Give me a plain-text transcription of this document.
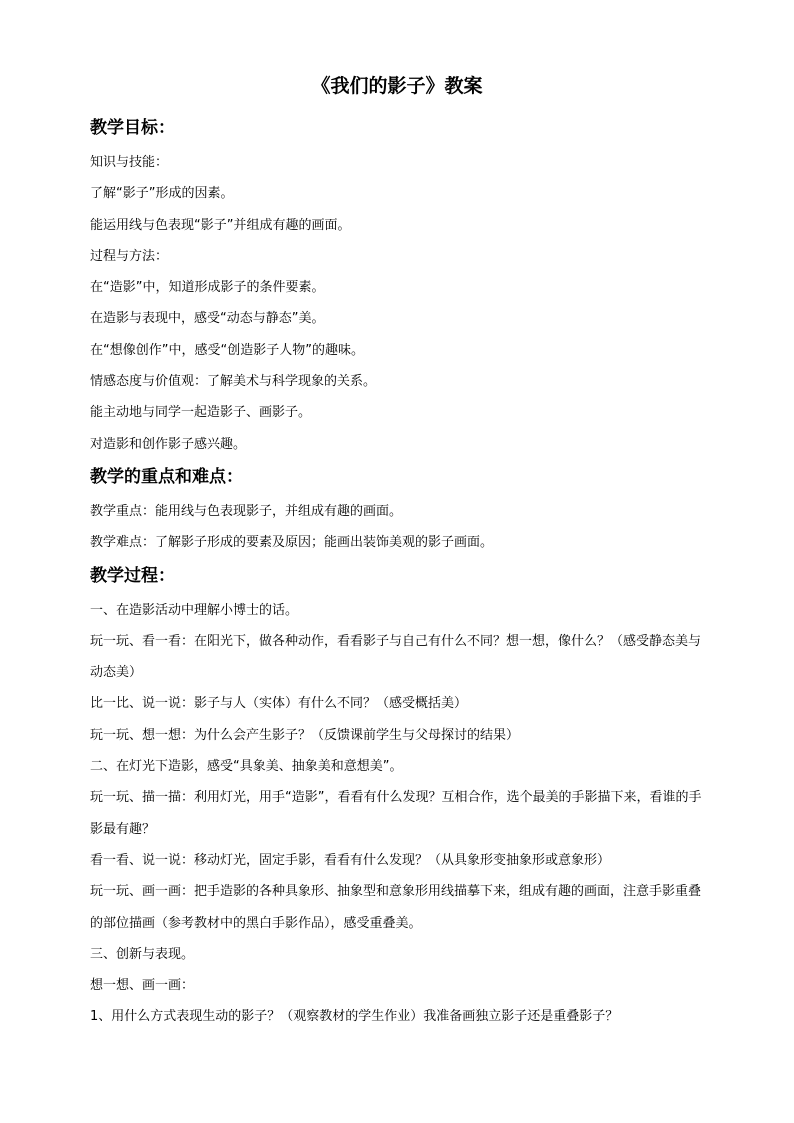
《我们的影子》教案
教学目标：

知识与技能：

了解“影子”形成的因素。

能运用线与色表现“影子”并组成有趣的画面。

过程与方法：

在“造影”中，知道形成影子的条件要素。

在造影与表现中，感受“动态与静态”美。

在“想像创作”中，感受“创造影子人物”的趣味。

情感态度与价值观：了解美术与科学现象的关系。

能主动地与同学一起造影子、画影子。

对造影和创作影子感兴趣。

教学的重点和难点：

教学重点：能用线与色表现影子，并组成有趣的画面。

教学难点：了解影子形成的要素及原因；能画出装饰美观的影子画面。

教学过程：

一、在造影活动中理解小博士的话。

玩一玩、看一看：在阳光下，做各种动作，看看影子与自己有什么不同？想一想，像什么？（感受静态美与动态美）

比一比、说一说：影子与人（实体）有什么不同？（感受概括美）

玩一玩、想一想：为什么会产生影子？（反馈课前学生与父母探讨的结果）

二、在灯光下造影，感受“具象美、抽象美和意想美”。

玩一玩、描一描：利用灯光，用手“造影”，看看有什么发现？互相合作，选个最美的手影描下来，看谁的手影最有趣？

看一看、说一说：移动灯光，固定手影，看看有什么发现？（从具象形变抽象形或意象形）

玩一玩、画一画：把手造影的各种具象形、抽象型和意象形用线描摹下来，组成有趣的画面，注意手影重叠的部位描画（参考教材中的黑白手影作品），感受重叠美。

三、创新与表现。

想一想、画一画：

1、用什么方式表现生动的影子？（观察教材的学生作业）我准备画独立影子还是重叠影子？
